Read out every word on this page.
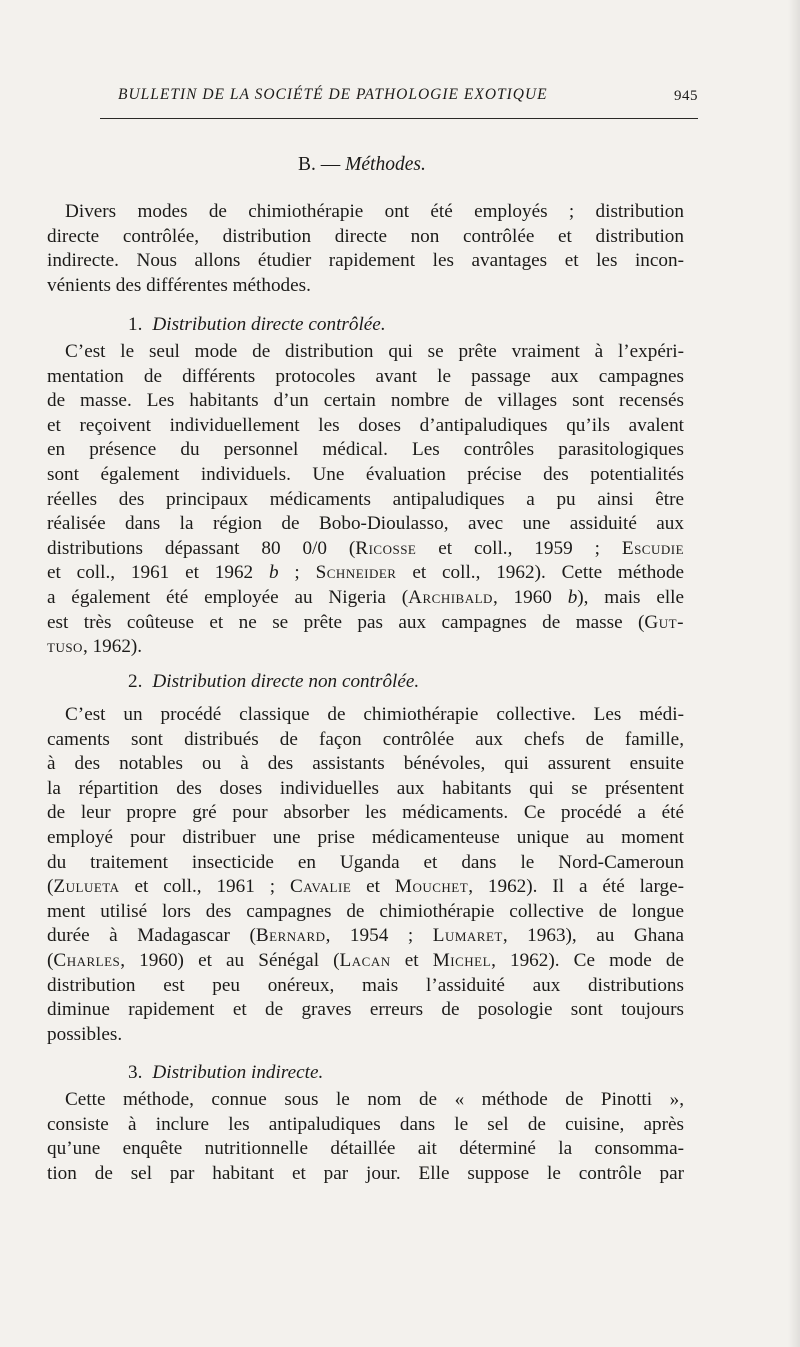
BULLETIN DE LA SOCIÉTÉ DE PATHOLOGIE EXOTIQUE	945
B. — Méthodes.
Divers modes de chimiothérapie ont été employés ; distribution
directe contrôlée, distribution directe non contrôlée et distribution
indirecte. Nous allons étudier rapidement les avantages et les incon-
vénients des différentes méthodes.
1. Distribution directe contrôlée.
C’est le seul mode de distribution qui se prête vraiment à l’expéri-
mentation de différents protocoles avant le passage aux campagnes
de masse. Les habitants d’un certain nombre de villages sont recensés
et reçoivent individuellement les doses d’antipaludiques qu’ils avalent
en présence du personnel médical. Les contrôles parasitologiques
sont également individuels. Une évaluation précise des potentialités
réelles des principaux médicaments antipaludiques a pu ainsi être
réalisée dans la région de Bobo-Dioulasso, avec une assiduité aux
distributions dépassant 80 0/0 (Ricosse et coll., 1959 ; Escudie
et coll., 1961 et 1962 b ; Schneider et coll., 1962). Cette méthode
a également été employée au Nigeria (Archibald, 1960 b), mais elle
est très coûteuse et ne se prête pas aux campagnes de masse (Gut-
tuso, 1962).
2. Distribution directe non contrôlée.
C’est un procédé classique de chimiothérapie collective. Les médi-
caments sont distribués de façon contrôlée aux chefs de famille,
à des notables ou à des assistants bénévoles, qui assurent ensuite
la répartition des doses individuelles aux habitants qui se présentent
de leur propre gré pour absorber les médicaments. Ce procédé a été
employé pour distribuer une prise médicamenteuse unique au moment
du traitement insecticide en Uganda et dans le Nord-Cameroun
(Zulueta et coll., 1961 ; Cavalie et Mouchet, 1962). Il a été large-
ment utilisé lors des campagnes de chimiothérapie collective de longue
durée à Madagascar (Bernard, 1954 ; Lumaret, 1963), au Ghana
(Charles, 1960) et au Sénégal (Lacan et Michel, 1962). Ce mode de
distribution est peu onéreux, mais l’assiduité aux distributions
diminue rapidement et de graves erreurs de posologie sont toujours
possibles.
3. Distribution indirecte.
Cette méthode, connue sous le nom de « méthode de Pinotti »,
consiste à inclure les antipaludiques dans le sel de cuisine, après
qu’une enquête nutritionnelle détaillée ait déterminé la consomma-
tion de sel par habitant et par jour. Elle suppose le contrôle par
